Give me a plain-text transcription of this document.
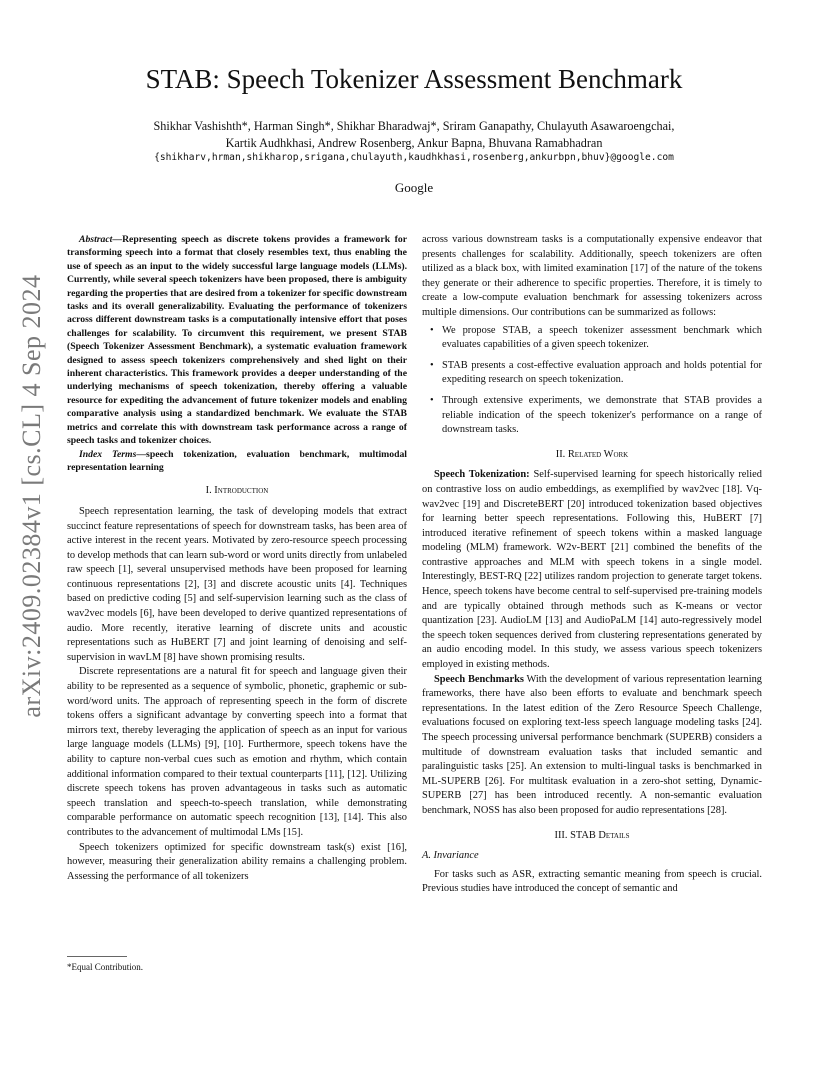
arXiv:2409.02384v1 [cs.CL] 4 Sep 2024
STAB: Speech Tokenizer Assessment Benchmark
Shikhar Vashishth*, Harman Singh*, Shikhar Bharadwaj*, Sriram Ganapathy, Chulayuth Asawaroengchai,
Kartik Audhkhasi, Andrew Rosenberg, Ankur Bapna, Bhuvana Ramabhadran
{shikharv,hrman,shikharop,srigana,chulayuth,kaudhkhasi,rosenberg,ankurbpn,bhuv}@google.com
Google

Abstract—Representing speech as discrete tokens provides a framework for transforming speech into a format that closely resembles text, thus enabling the use of speech as an input to the widely successful large language models (LLMs). Currently, while several speech tokenizers have been proposed, there is ambiguity regarding the properties that are desired from a tokenizer for specific downstream tasks and its overall generalizability. Evaluating the performance of tokenizers across different downstream tasks is a computationally intensive effort that poses challenges for scalability. To circumvent this requirement, we present STAB (Speech Tokenizer Assessment Benchmark), a systematic evaluation framework designed to assess speech tokenizers comprehensively and shed light on their inherent characteristics. This framework provides a deeper understanding of the underlying mechanisms of speech tokenization, thereby offering a valuable resource for expediting the advancement of future tokenizer models and enabling comparative analysis using a standardized benchmark. We evaluate the STAB metrics and correlate this with downstream task performance across a range of speech tasks and tokenizer choices.

Index Terms—speech tokenization, evaluation benchmark, multimodal representation learning

I. Introduction

Speech representation learning, the task of developing models that extract succinct feature representations of speech for downstream tasks, has been area of active interest in the recent years. Motivated by zero-resource speech processing to develop methods that can learn sub-word or word units directly from unlabeled raw speech [1], several unsupervised methods have been proposed for learning continuous representations [2], [3] and discrete acoustic units [4]. Techniques based on predictive coding [5] and self-supervision learning such as the class of wav2vec models [6], have been developed to derive quantized representations of audio. More recently, iterative learning of discrete units and acoustic representations such as HuBERT [7] and joint learning of denoising and self-supervision in wavLM [8] have shown promising results.

Discrete representations are a natural fit for speech and language given their ability to be represented as a sequence of symbolic, phonetic, graphemic or sub-word/word units. The approach of representing speech in the form of discrete tokens offers a significant advantage by converting speech into a format that mirrors text, thereby leveraging the application of speech as an input for various large language models (LLMs) [9], [10]. Furthermore, speech tokens have the ability to capture non-verbal cues such as emotion and rhythm, which contain additional information compared to their textual counterparts [11], [12]. Utilizing discrete speech tokens has proven advantageous in tasks such as automatic speech translation and speech-to-speech translation, while demonstrating comparable performance on automatic speech recognition [13], [14]. This also contributes to the advancement of multimodal LMs [15].

Speech tokenizers optimized for specific downstream task(s) exist [16], however, measuring their generalization ability remains a challenging problem. Assessing the performance of all tokenizers

*Equal Contribution.

across various downstream tasks is a computationally expensive endeavor that presents challenges for scalability. Additionally, speech tokenizers are often utilized as a black box, with limited examination [17] of the nature of the tokens they generate or their adherence to specific properties. Therefore, it is timely to create a low-compute evaluation benchmark for assessing tokenizers across multiple dimensions. Our contributions can be summarized as follows:

• We propose STAB, a speech tokenizer assessment benchmark which evaluates capabilities of a given speech tokenizer.
• STAB presents a cost-effective evaluation approach and holds potential for expediting research on speech tokenization.
• Through extensive experiments, we demonstrate that STAB provides a reliable indication of the speech tokenizer's performance on a range of downstream tasks.
II. Related Work

Speech Tokenization: Self-supervised learning for speech historically relied on contrastive loss on audio embeddings, as exemplified by wav2vec [18]. Vq-wav2vec [19] and DiscreteBERT [20] introduced tokenization based objectives for learning better speech representations. Following this, HuBERT [7] introduced iterative refinement of speech tokens within a masked language modeling (MLM) framework. W2v-BERT [21] combined the benefits of the contrastive approaches and MLM with speech tokens in a single model. Interestingly, BEST-RQ [22] utilizes random projection to generate target tokens. Hence, speech tokens have become central to self-supervised pre-training models and are typically obtained through methods such as K-means or vector quantization [23]. AudioLM [13] and AudioPaLM [14] auto-regressively model the speech token sequences derived from clustering representations generated by an audio encoding model. In this study, we assess various speech tokenizers employed in existing methods.

Speech Benchmarks With the development of various representation learning frameworks, there have also been efforts to evaluate and benchmark speech representations. In the latest edition of the Zero Resource Speech Challenge, evaluations focused on exploring text-less speech language modeling tasks [24]. The speech processing universal performance benchmark (SUPERB) considers a multitude of downstream evaluation tasks that included semantic and paralinguistic tasks [25]. An extension to multi-lingual tasks is benchmarked in ML-SUPERB [26]. For multitask evaluation in a zero-shot setting, Dynamic-SUPERB [27] has been introduced recently. A non-semantic evaluation benchmark, NOSS has also been proposed for audio representations [28].

III. STAB Details
A. Invariance

For tasks such as ASR, extracting semantic meaning from speech is crucial. Previous studies have introduced the concept of semantic and
